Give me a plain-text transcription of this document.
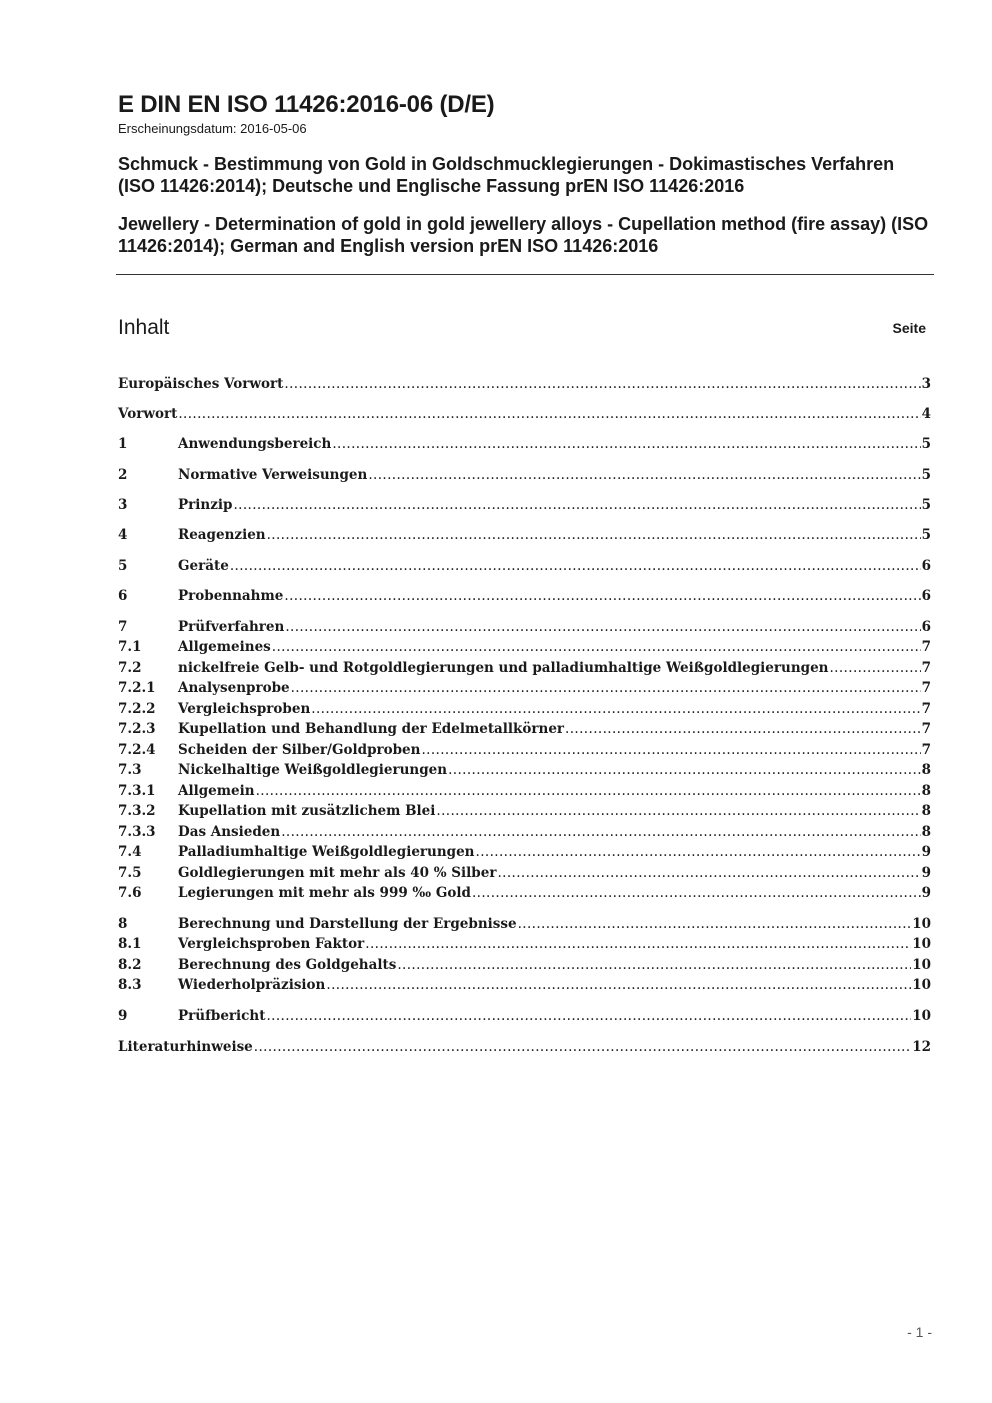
E DIN EN ISO 11426:2016-06 (D/E)
Erscheinungsdatum: 2016-05-06
Schmuck - Bestimmung von Gold in Goldschmucklegierungen - Dokimastisches Verfahren (ISO 11426:2014); Deutsche und Englische Fassung prEN ISO 11426:2016
Jewellery - Determination of gold in gold jewellery alloys - Cupellation method (fire assay) (ISO 11426:2014); German and English version prEN ISO 11426:2016
Inhalt	Seite
Europäisches Vorwort .....	3
Vorwort .....	4
1	Anwendungsbereich .....	5
2	Normative Verweisungen .....	5
3	Prinzip .....	5
4	Reagenzien .....	5
5	Geräte .....	6
6	Probennahme .....	6
7	Prüfverfahren .....	6
7.1	Allgemeines .....	7
7.2	nickelfreie Gelb- und Rotgoldlegierungen und palladiumhaltige Weißgoldlegierungen .....	7
7.2.1	Analysenprobe .....	7
7.2.2	Vergleichsproben .....	7
7.2.3	Kupellation und Behandlung der Edelmetallkörner .....	7
7.2.4	Scheiden der Silber/Goldproben .....	7
7.3	Nickelhaltige Weißgoldlegierungen .....	8
7.3.1	Allgemein .....	8
7.3.2	Kupellation mit zusätzlichem Blei .....	8
7.3.3	Das Ansieden .....	8
7.4	Palladiumhaltige Weißgoldlegierungen .....	9
7.5	Goldlegierungen mit mehr als 40 % Silber .....	9
7.6	Legierungen mit mehr als 999 ‰ Gold .....	9
8	Berechnung und Darstellung der Ergebnisse .....	10
8.1	Vergleichsproben Faktor .....	10
8.2	Berechnung des Goldgehalts .....	10
8.3	Wiederholpräzision .....	10
9	Prüfbericht .....	10
Literaturhinweise .....	12
- 1 -
